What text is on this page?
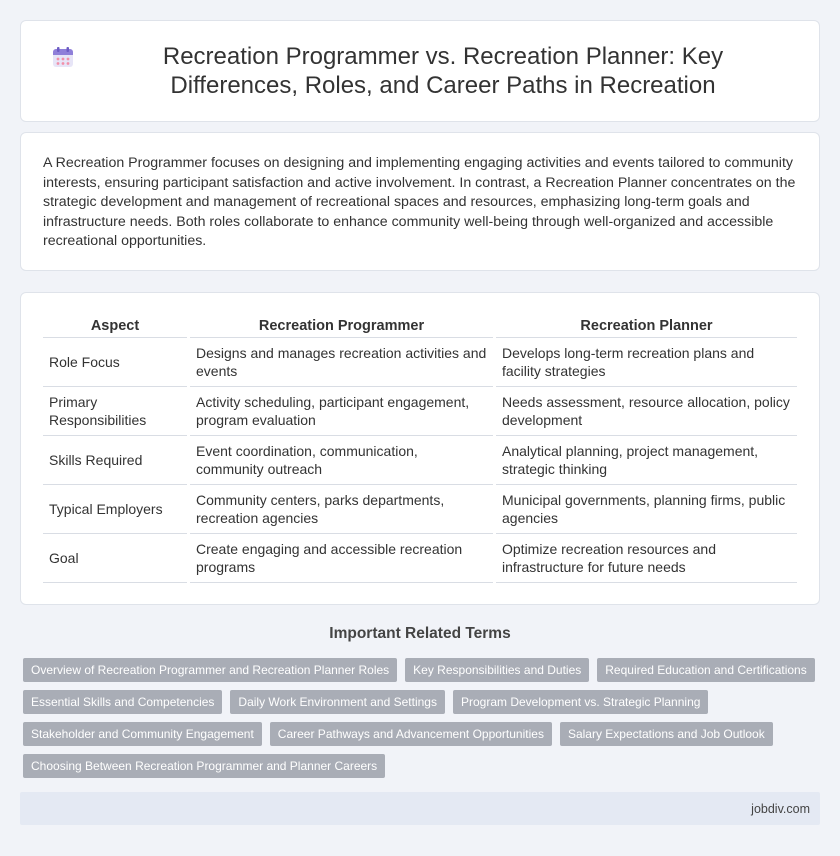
Recreation Programmer vs. Recreation Planner: Key Differences, Roles, and Career Paths in Recreation

A Recreation Programmer focuses on designing and implementing engaging activities and events tailored to community interests, ensuring participant satisfaction and active involvement. In contrast, a Recreation Planner concentrates on the strategic development and management of recreational spaces and resources, emphasizing long-term goals and infrastructure needs. Both roles collaborate to enhance community well-being through well-organized and accessible recreational opportunities.

Aspect	Recreation Programmer	Recreation Planner
Role Focus	Designs and manages recreation activities and events	Develops long-term recreation plans and facility strategies
Primary Responsibilities	Activity scheduling, participant engagement, program evaluation	Needs assessment, resource allocation, policy development
Skills Required	Event coordination, communication, community outreach	Analytical planning, project management, strategic thinking
Typical Employers	Community centers, parks departments, recreation agencies	Municipal governments, planning firms, public agencies
Goal	Create engaging and accessible recreation programs	Optimize recreation resources and infrastructure for future needs
Important Related Terms
Overview of Recreation Programmer and Recreation Planner Roles	Key Responsibilities and Duties	Required Education and Certifications
Essential Skills and Competencies	Daily Work Environment and Settings	Program Development vs. Strategic Planning
Stakeholder and Community Engagement	Career Pathways and Advancement Opportunities	Salary Expectations and Job Outlook
Choosing Between Recreation Programmer and Planner Careers
jobdiv.com
